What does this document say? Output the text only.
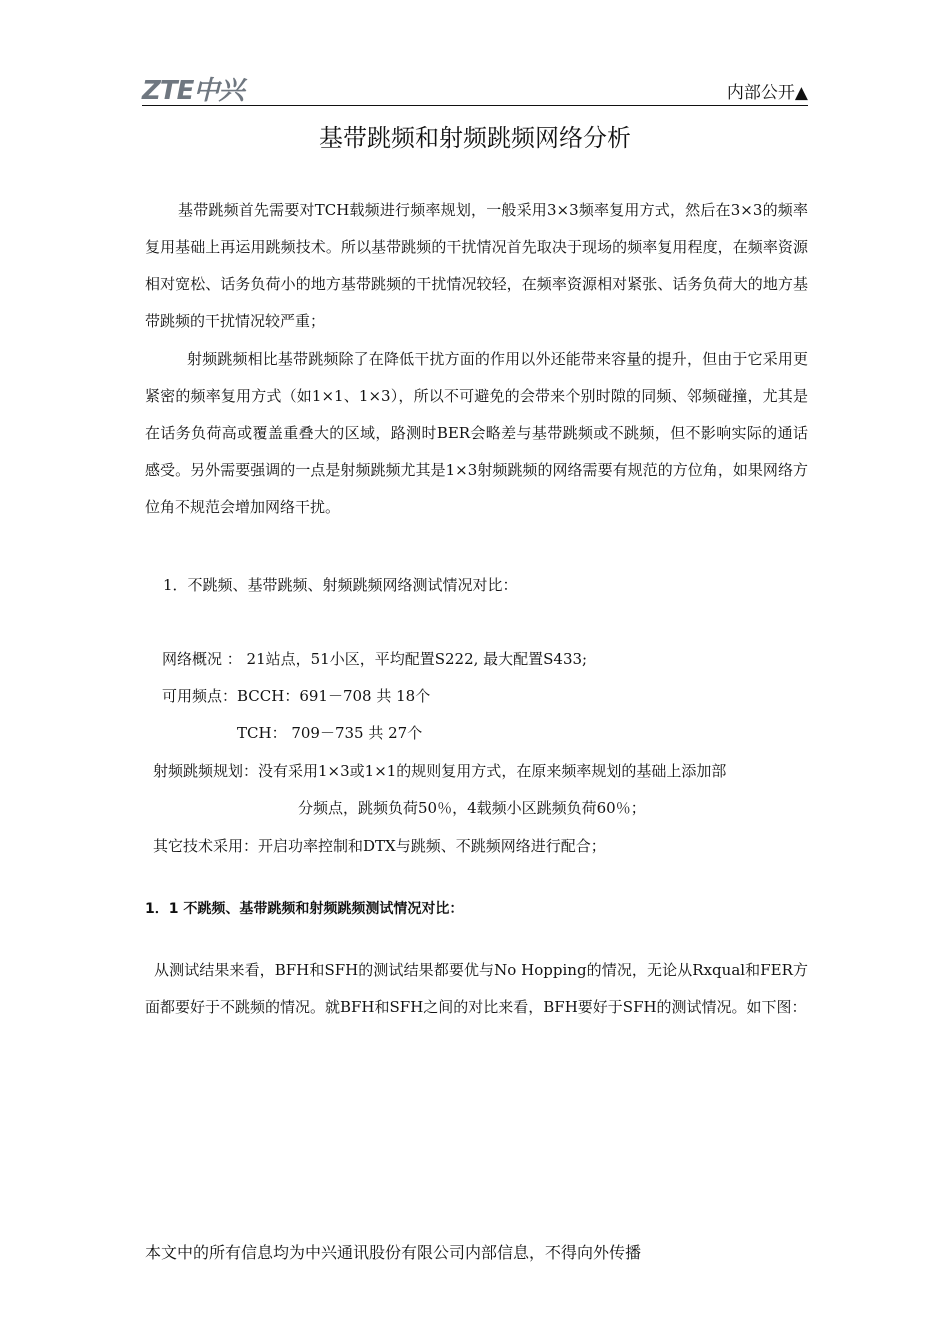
ZTE中兴	内部公开▲
基带跳频和射频跳频网络分析

基带跳频首先需要对TCH载频进行频率规划，一般采用3×3频率复用方式，然后在3×3的频率复用基础上再运用跳频技术。所以基带跳频的干扰情况首先取决于现场的频率复用程度，在频率资源相对宽松、话务负荷小的地方基带跳频的干扰情况较轻，在频率资源相对紧张、话务负荷大的地方基带跳频的干扰情况较严重；

射频跳频相比基带跳频除了在降低干扰方面的作用以外还能带来容量的提升，但由于它采用更紧密的频率复用方式（如1×1、1×3），所以不可避免的会带来个别时隙的同频、邻频碰撞，尤其是在话务负荷高或覆盖重叠大的区域，路测时BER会略差与基带跳频或不跳频，但不影响实际的通话感受。另外需要强调的一点是射频跳频尤其是1×3射频跳频的网络需要有规范的方位角，如果网络方位角不规范会增加网络干扰。

1．不跳频、基带跳频、射频跳频网络测试情况对比：

网络概况 ： 21站点，51小区，平均配置S222, 最大配置S433;

可用频点：BCCH：691－708 共 18个

TCH： 709－735 共 27个

射频跳频规划：没有采用1×3或1×1的规则复用方式，在原来频率规划的基础上添加部

分频点，跳频负荷50％，4载频小区跳频负荷60％；

其它技术采用：开启功率控制和DTX与跳频、不跳频网络进行配合；

1．1 不跳频、基带跳频和射频跳频测试情况对比：

从测试结果来看，BFH和SFH的测试结果都要优与No Hopping的情况，无论从Rxqual和FER方面都要好于不跳频的情况。就BFH和SFH之间的对比来看，BFH要好于SFH的测试情况。如下图：

本文中的所有信息均为中兴通讯股份有限公司内部信息，不得向外传播
